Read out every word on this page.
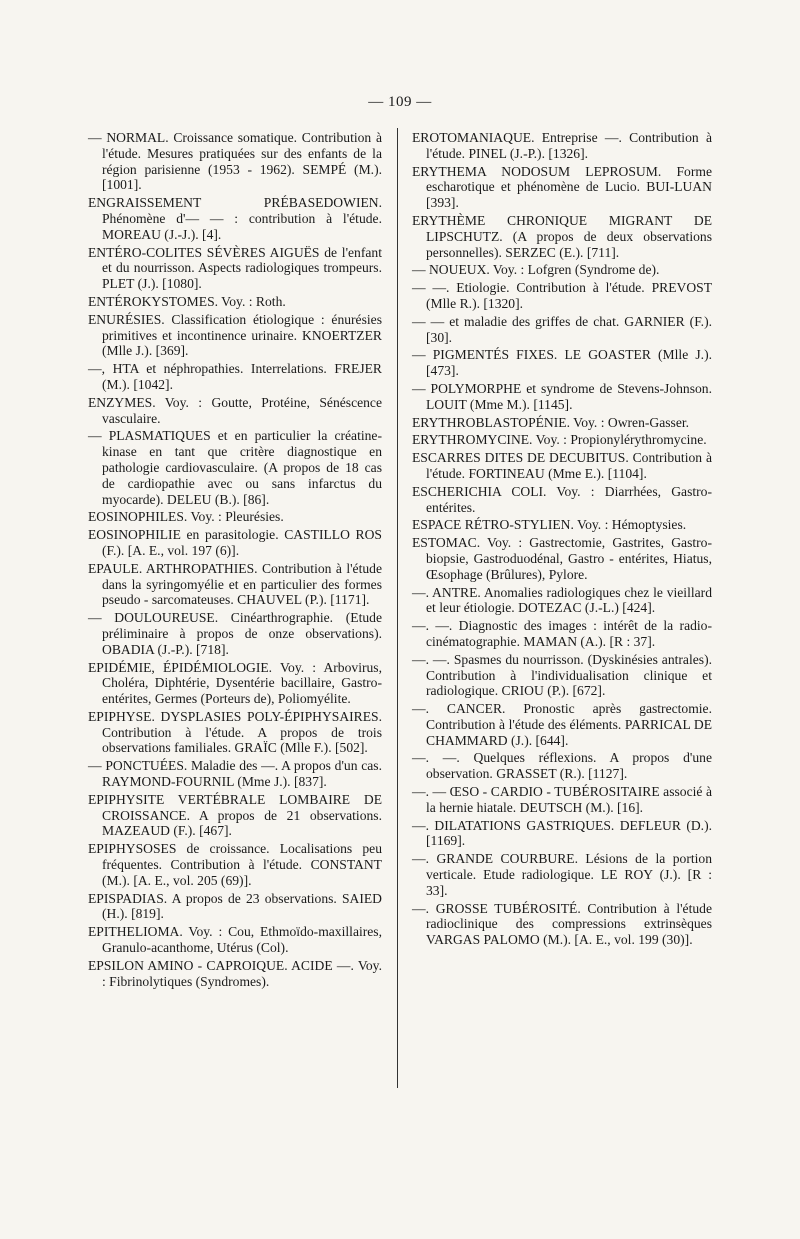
— 109 —

— NORMAL. Croissance somatique. Contribution à l'étude. Mesures pratiquées sur des enfants de la région parisienne (1953 - 1962). SEMPÉ (M.). [1001].

ENGRAISSEMENT PRÉBASEDOWIEN. Phénomène d'— — : contribution à l'étude. MOREAU (J.-J.). [4].

ENTÉRO-COLITES SÉVÈRES AIGUËS de l'enfant et du nourrisson. Aspects radiologiques trompeurs. PLET (J.). [1080].

ENTÉROKYSTOMES. Voy. : Roth.

ENURÉSIES. Classification étiologique : énurésies primitives et incontinence urinaire. KNOERTZER (Mlle J.). [369].

—, HTA et néphropathies. Interrelations. FREJER (M.). [1042].

ENZYMES. Voy. : Goutte, Protéine, Sénéscence vasculaire.

— PLASMATIQUES et en particulier la créatine-kinase en tant que critère diagnostique en pathologie cardiovasculaire. (A propos de 18 cas de cardiopathie avec ou sans infarctus du myocarde). DELEU (B.). [86].

EOSINOPHILES. Voy. : Pleurésies.

EOSINOPHILIE en parasitologie. CASTILLO ROS (F.). [A. E., vol. 197 (6)].

EPAULE. ARTHROPATHIES. Contribution à l'étude dans la syringomyélie et en particulier des formes pseudo - sarcomateuses. CHAUVEL (P.). [1171].

— DOULOUREUSE. Cinéarthrographie. (Etude préliminaire à propos de onze observations). OBADIA (J.-P.). [718].

EPIDÉMIE, ÉPIDÉMIOLOGIE. Voy. : Arbovirus, Choléra, Diphtérie, Dysentérie bacillaire, Gastro-entérites, Germes (Porteurs de), Poliomyélite.

EPIPHYSE. DYSPLASIES POLY-ÉPIPHYSAIRES. Contribution à l'étude. A propos de trois observations familiales. GRAÏC (Mlle F.). [502].

— PONCTUÉES. Maladie des —. A propos d'un cas. RAYMOND-FOURNIL (Mme J.). [837].

EPIPHYSITE VERTÉBRALE LOMBAIRE DE CROISSANCE. A propos de 21 observations. MAZEAUD (F.). [467].

EPIPHYSOSES de croissance. Localisations peu fréquentes. Contribution à l'étude. CONSTANT (M.). [A. E., vol. 205 (69)].

EPISPADIAS. A propos de 23 observations. SAIED (H.). [819].

EPITHELIOMA. Voy. : Cou, Ethmoïdo-maxillaires, Granulo-acanthome, Utérus (Col).

EPSILON AMINO - CAPROIQUE. ACIDE —. Voy. : Fibrinolytiques (Syndromes).

EROTOMANIAQUE. Entreprise —. Contribution à l'étude. PINEL (J.-P.). [1326].

ERYTHEMA NODOSUM LEPROSUM. Forme escharotique et phénomène de Lucio. BUI-LUAN [393].

ERYTHÈME CHRONIQUE MIGRANT DE LIPSCHUTZ. (A propos de deux observations personnelles). SERZEC (E.). [711].

— NOUEUX. Voy. : Lofgren (Syndrome de).

— —. Etiologie. Contribution à l'étude. PREVOST (Mlle R.). [1320].

— — et maladie des griffes de chat. GARNIER (F.). [30].

— PIGMENTÉS FIXES. LE GOASTER (Mlle J.). [473].

— POLYMORPHE et syndrome de Stevens-Johnson. LOUIT (Mme M.). [1145].

ERYTHROBLASTOPÉNIE. Voy. : Owren-Gasser.

ERYTHROMYCINE. Voy. : Propionylérythromycine.

ESCARRES DITES DE DECUBITUS. Contribution à l'étude. FORTINEAU (Mme E.). [1104].

ESCHERICHIA COLI. Voy. : Diarrhées, Gastro-entérites.

ESPACE RÉTRO-STYLIEN. Voy. : Hémoptysies.

ESTOMAC. Voy. : Gastrectomie, Gastrites, Gastro-biopsie, Gastroduodénal, Gastro - entérites, Hiatus, Œsophage (Brûlures), Pylore.

—. ANTRE. Anomalies radiologiques chez le vieillard et leur étiologie. DOTEZAC (J.-L.) [424].

—. —. Diagnostic des images : intérêt de la radio-cinématographie. MAMAN (A.). [R : 37].

—. —. Spasmes du nourrisson. (Dyskinésies antrales). Contribution à l'individualisation clinique et radiologique. CRIOU (P.). [672].

—. CANCER. Pronostic après gastrectomie. Contribution à l'étude des éléments. PARRICAL DE CHAMMARD (J.). [644].

—. —. Quelques réflexions. A propos d'une observation. GRASSET (R.). [1127].

—. — ŒSO - CARDIO - TUBÉROSITAIRE associé à la hernie hiatale. DEUTSCH (M.). [16].

—. DILATATIONS GASTRIQUES. DEFLEUR (D.). [1169].

—. GRANDE COURBURE. Lésions de la portion verticale. Etude radiologique. LE ROY (J.). [R : 33].

—. GROSSE TUBÉROSITÉ. Contribution à l'étude radioclinique des compressions extrinsèques VARGAS PALOMO (M.). [A. E., vol. 199 (30)].
